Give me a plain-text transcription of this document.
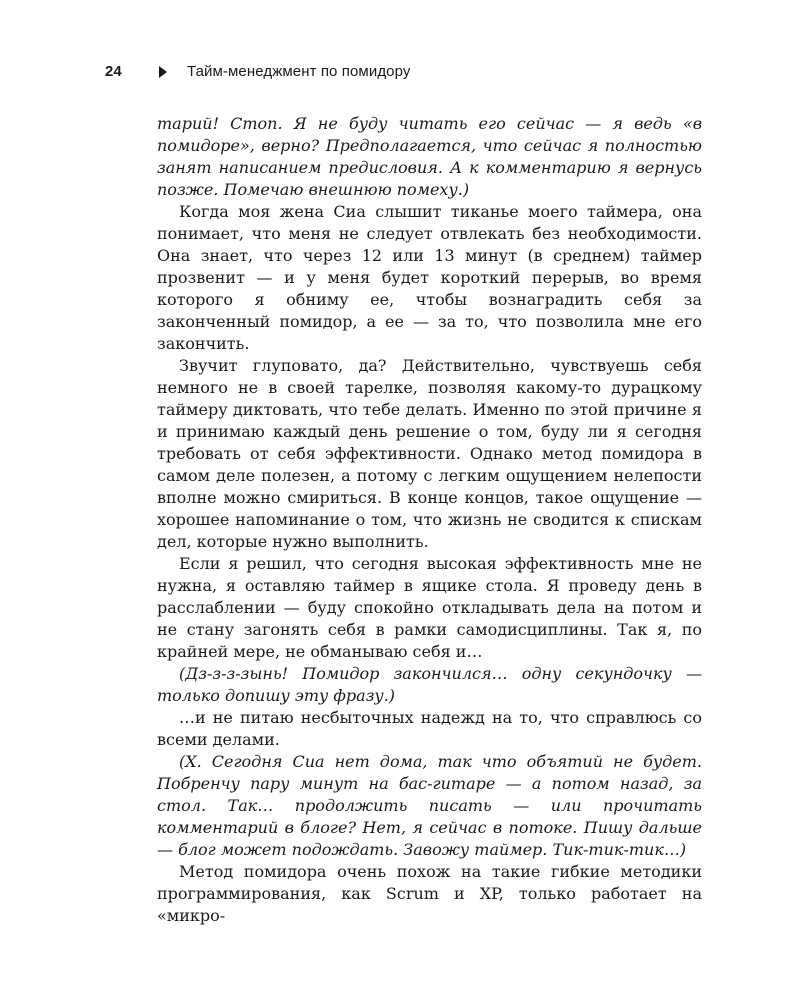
24	Тайм-менеджмент по помидору

тарий! Стоп. Я не буду читать его сейчас — я ведь «в помидоре», верно? Предполагается, что сейчас я полностью занят написанием предисловия. А к комментарию я вернусь позже. Помечаю внешнюю помеху.)

Когда моя жена Сиа слышит тиканье моего таймера, она понимает, что меня не следует отвлекать без необходимости. Она знает, что через 12 или 13 минут (в среднем) таймер прозвенит — и у меня будет короткий перерыв, во время которого я обниму ее, чтобы вознаградить себя за законченный помидор, а ее — за то, что позволила мне его закончить.

Звучит глуповато, да? Действительно, чувствуешь себя немного не в своей тарелке, позволяя какому-то дурацкому таймеру диктовать, что тебе делать. Именно по этой причине я и принимаю каждый день решение о том, буду ли я сегодня требовать от себя эффективности. Однако метод помидора в самом деле полезен, а потому с легким ощущением нелепости вполне можно смириться. В конце концов, такое ощущение — хорошее напоминание о том, что жизнь не сводится к спискам дел, которые нужно выполнить.

Если я решил, что сегодня высокая эффективность мне не нужна, я оставляю таймер в ящике стола. Я проведу день в расслаблении — буду спокойно откладывать дела на потом и не стану загонять себя в рамки самодисциплины. Так я, по крайней мере, не обманываю себя и…

(Дз-з-з-зынь! Помидор закончился… одну секундочку — только допишу эту фразу.)

…и не питаю несбыточных надежд на то, что справлюсь со всеми делами.

(Х. Сегодня Сиа нет дома, так что объятий не будет. Побренчу пару минут на бас-гитаре — а потом назад, за стол. Так… продолжить писать — или прочитать комментарий в блоге? Нет, я сейчас в потоке. Пишу дальше — блог может подождать. Завожу таймер. Тик-тик-тик…)

Метод помидора очень похож на такие гибкие методики программирования, как Scrum и XP, только работает на «микро-
